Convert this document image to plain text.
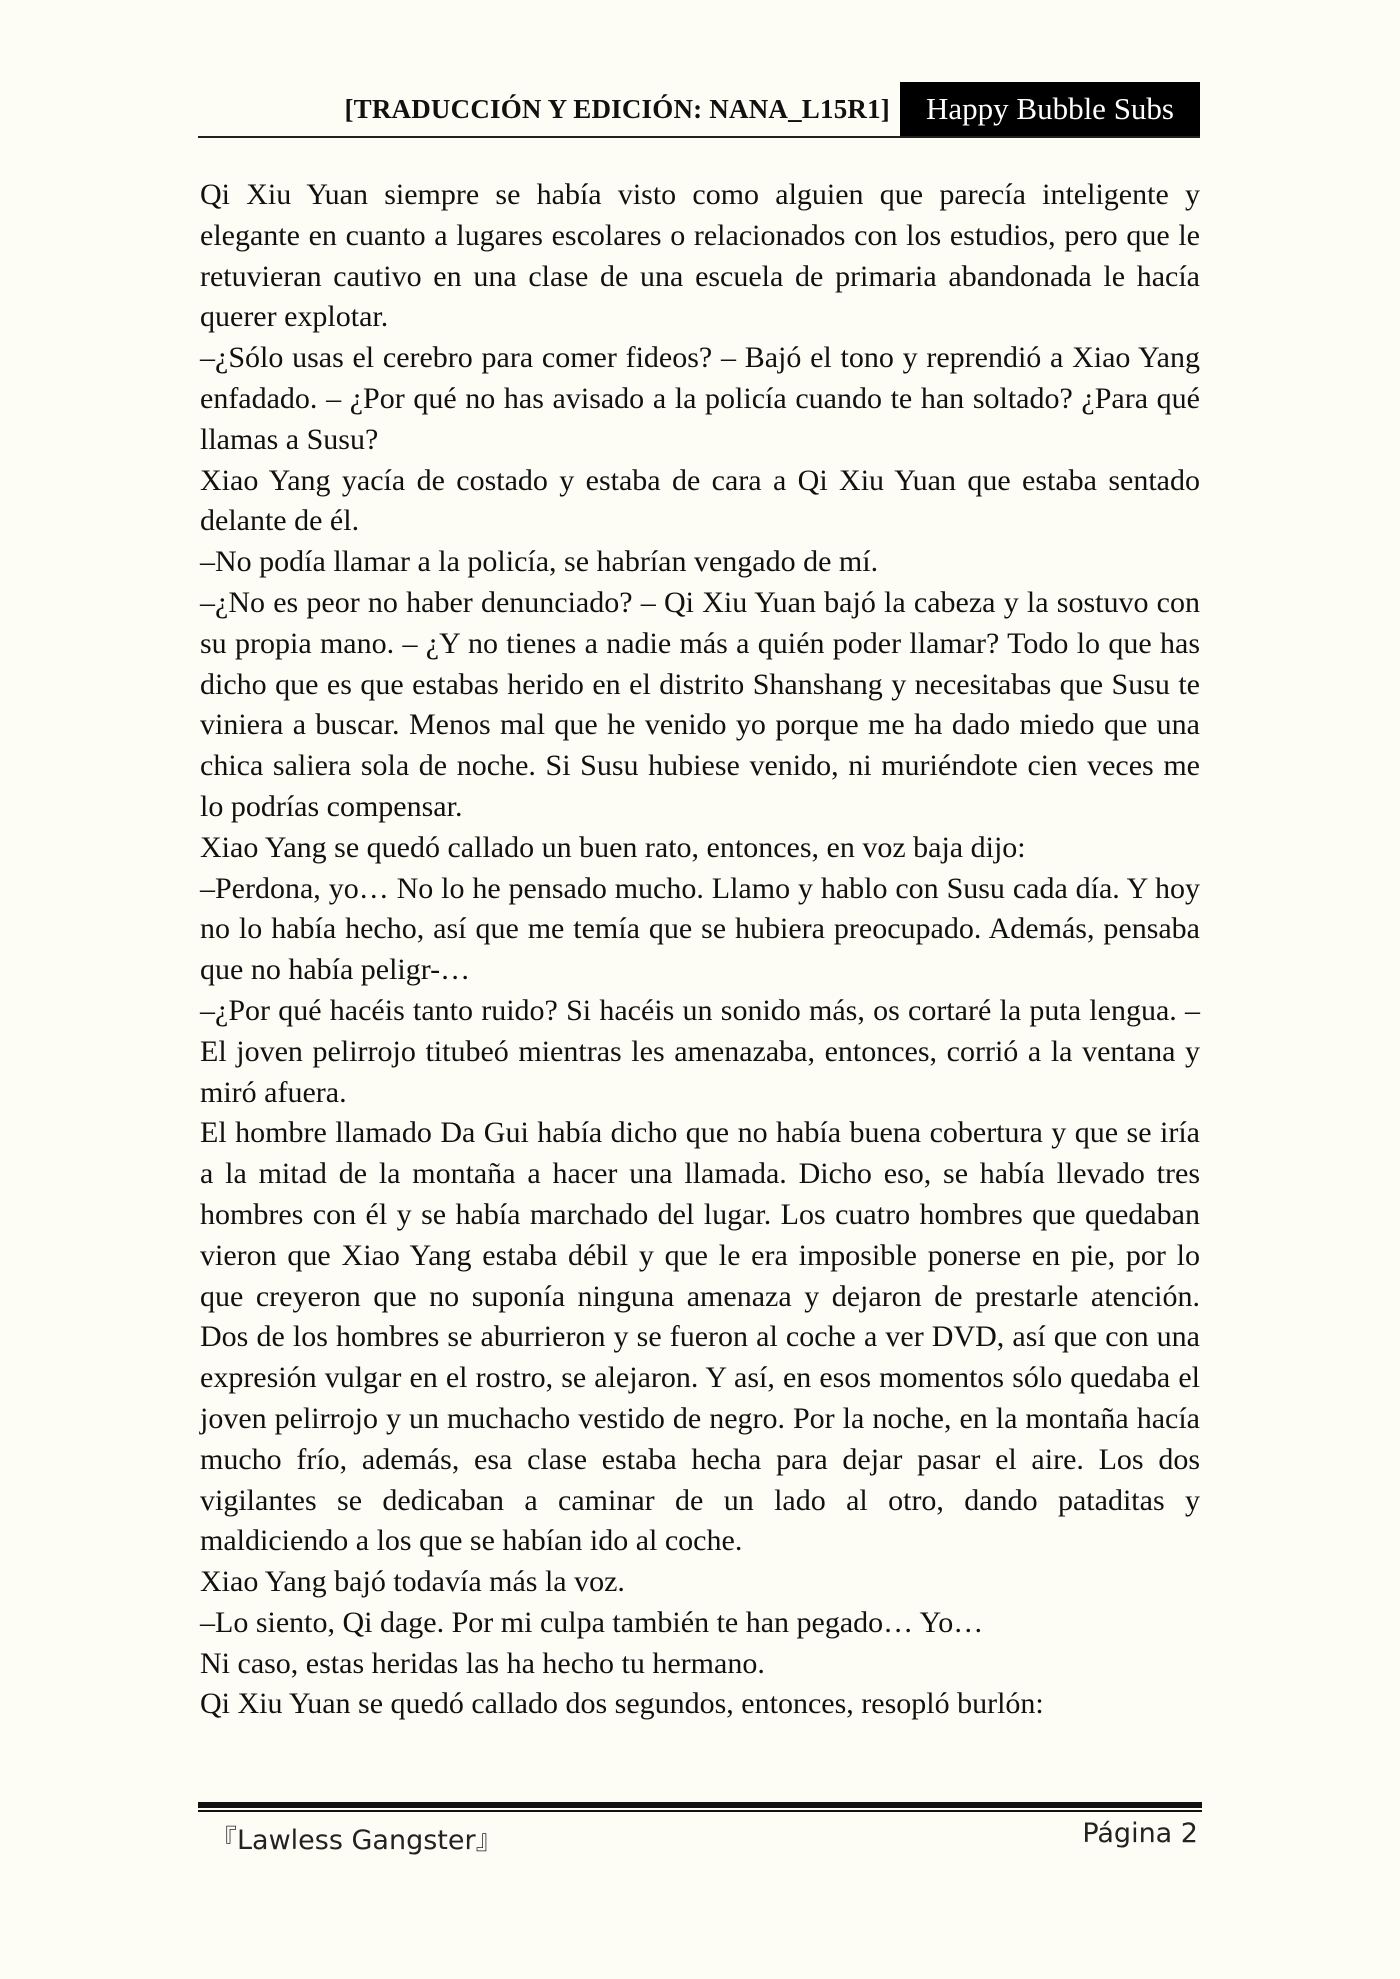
[TRADUCCIÓN Y EDICIÓN: NANA_L15R1]	Happy Bubble Subs

Qi Xiu Yuan siempre se había visto como alguien que parecía inteligente y elegante en cuanto a lugares escolares o relacionados con los estudios, pero que le retuvieran cautivo en una clase de una escuela de primaria abandonada le hacía querer explotar.

–¿Sólo usas el cerebro para comer fideos? – Bajó el tono y reprendió a Xiao Yang enfadado. – ¿Por qué no has avisado a la policía cuando te han soltado? ¿Para qué llamas a Susu?

Xiao Yang yacía de costado y estaba de cara a Qi Xiu Yuan que estaba sentado delante de él.

–No podía llamar a la policía, se habrían vengado de mí.

–¿No es peor no haber denunciado? – Qi Xiu Yuan bajó la cabeza y la sostuvo con su propia mano. – ¿Y no tienes a nadie más a quién poder llamar? Todo lo que has dicho que es que estabas herido en el distrito Shanshang y necesitabas que Susu te viniera a buscar. Menos mal que he venido yo porque me ha dado miedo que una chica saliera sola de noche. Si Susu hubiese venido, ni muriéndote cien veces me lo podrías compensar.

Xiao Yang se quedó callado un buen rato, entonces, en voz baja dijo:

–Perdona, yo… No lo he pensado mucho. Llamo y hablo con Susu cada día. Y hoy no lo había hecho, así que me temía que se hubiera preocupado. Además, pensaba que no había peligr-…

–¿Por qué hacéis tanto ruido? Si hacéis un sonido más, os cortaré la puta lengua. – El joven pelirrojo titubeó mientras les amenazaba, entonces, corrió a la ventana y miró afuera.

El hombre llamado Da Gui había dicho que no había buena cobertura y que se iría a la mitad de la montaña a hacer una llamada. Dicho eso, se había llevado tres hombres con él y se había marchado del lugar. Los cuatro hombres que quedaban vieron que Xiao Yang estaba débil y que le era imposible ponerse en pie, por lo que creyeron que no suponía ninguna amenaza y dejaron de prestarle atención. Dos de los hombres se aburrieron y se fueron al coche a ver DVD, así que con una expresión vulgar en el rostro, se alejaron. Y así, en esos momentos sólo quedaba el joven pelirrojo y un muchacho vestido de negro. Por la noche, en la montaña hacía mucho frío, además, esa clase estaba hecha para dejar pasar el aire. Los dos vigilantes se dedicaban a caminar de un lado al otro, dando pataditas y maldiciendo a los que se habían ido al coche.

Xiao Yang bajó todavía más la voz.

–Lo siento, Qi dage. Por mi culpa también te han pegado… Yo…

Ni caso, estas heridas las ha hecho tu hermano.

Qi Xiu Yuan se quedó callado dos segundos, entonces, resopló burlón:

『Lawless Gangster』	Página 2
